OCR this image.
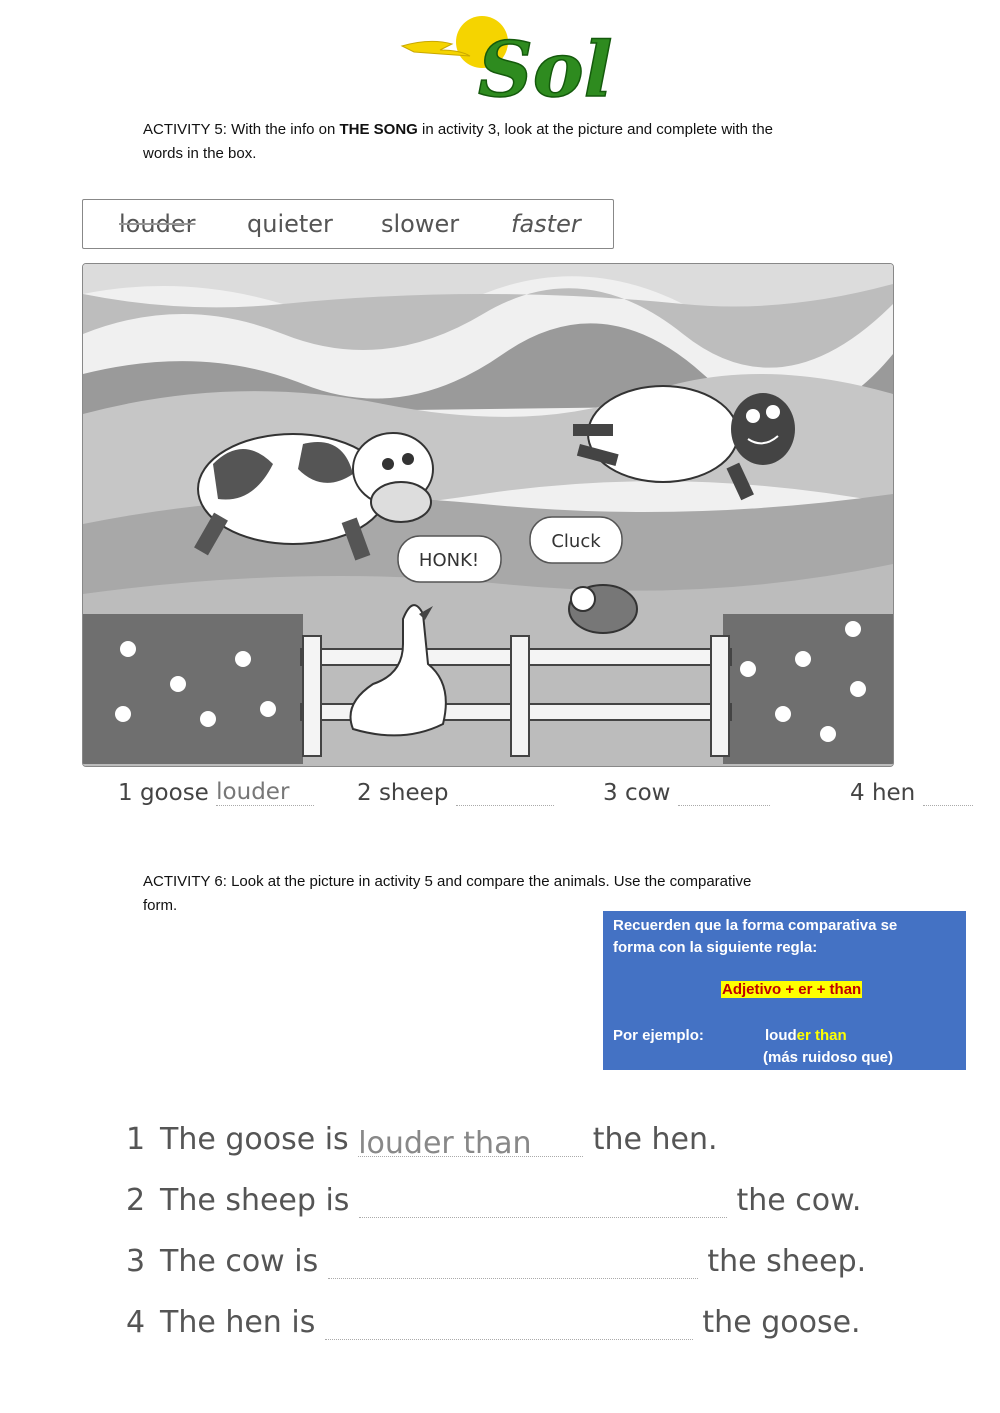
Sol
ACTIVITY 5: With the info on THE SONG in activity 3, look at the picture and complete with the
words in the box.
louder quieter slower faster
HONK!
Cluck
1 goose louder	2 sheep	3 cow	4 hen
ACTIVITY 6: Look at the picture in activity 5 and compare the animals. Use the comparative
form.
Recuerden que la forma comparativa se
forma con la siguiente regla:
Adjetivo + er + than
Por ejemplo:	louder than
(más ruidoso que)
1 The goose is louder than the hen.
2 The sheep is	the cow.
3 The cow is	the sheep.
4 The hen is	the goose.
